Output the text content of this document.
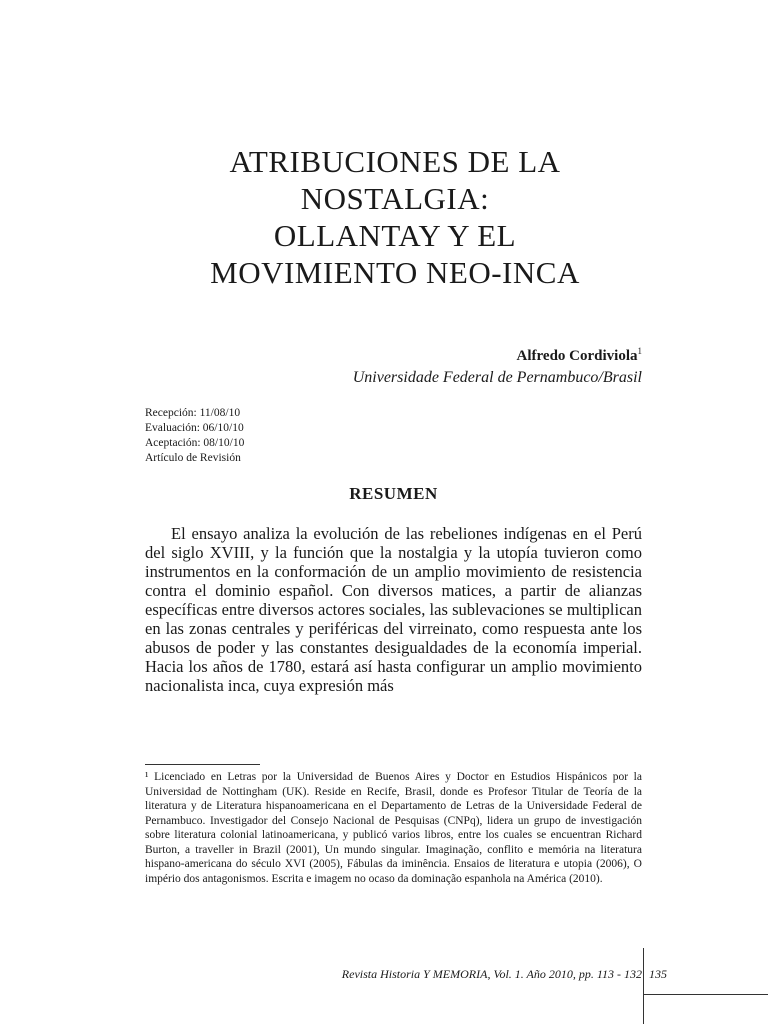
ATRIBUCIONES DE LA
NOSTALGIA:
OLLANTAY Y EL
MOVIMIENTO NEO-INCA
Alfredo Cordiviola$^1$
Universidade Federal de Pernambuco/Brasil
Recepción: 11/08/10
Evaluación: 06/10/10
Aceptación: 08/10/10
Artículo de Revisión
RESUMEN

El ensayo analiza la evolución de las rebeliones indígenas en el Perú del siglo XVIII, y la función que la nostalgia y la utopía tuvieron como instrumentos en la conformación de un amplio movimiento de resistencia contra el dominio español. Con diversos matices, a partir de alianzas específicas entre diversos actores sociales, las sublevaciones se multiplican en las zonas centrales y periféricas del virreinato, como respuesta ante los abusos de poder y las constantes desigualdades de la economía imperial. Hacia los años de 1780, estará así hasta configurar un amplio movimiento nacionalista inca, cuya expresión más

¹ Licenciado en Letras por la Universidad de Buenos Aires y Doctor en Estudios Hispánicos por la Universidad de Nottingham (UK). Reside en Recife, Brasil, donde es Profesor Titular de Teoría de la literatura y de Literatura hispanoamericana en el Departamento de Letras de la Universidade Federal de Pernambuco. Investigador del Consejo Nacional de Pesquisas (CNPq), lidera un grupo de investigación sobre literatura colonial latinoamericana, y publicó varios libros, entre los cuales se encuentran Richard Burton, a traveller in Brazil (2001), Un mundo singular. Imaginação, conflito e memória na literatura hispano-americana do século XVI (2005), Fábulas da iminência. Ensaios de literatura e utopia (2006), O império dos antagonismos. Escrita e imagem no ocaso da dominação espanhola na América (2010).

Revista Historia Y MEMORIA, Vol. 1. Año 2010, pp. 113 - 132 135
